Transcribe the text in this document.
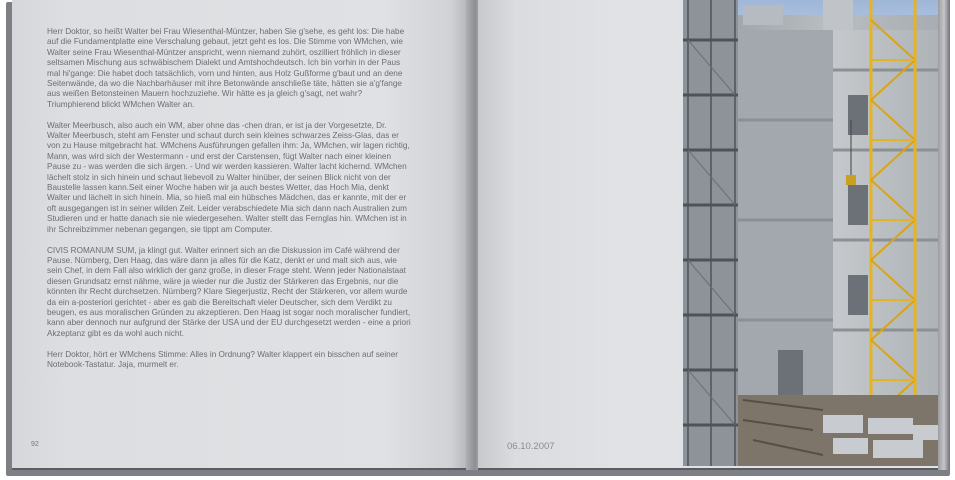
Herr Doktor, so heißt Walter bei Frau Wiesenthal-Müntzer, haben Sie g'sehe, es geht los: Die habe auf die Fundamentplatte eine Verschalung gebaut, jetzt geht es los. Die Stimme von WMchen, wie Walter seine Frau Wiesenthal-Müntzer anspricht, wenn niemand zuhört, oszilliert fröhlich in dieser seltsamen Mischung aus schwäbischem Dialekt und Amtshochdeutsch. Ich bin vorhin in der Paus mal hi'gange: Die habet doch tatsächlich, vorn und hinten, aus Holz Gußforme g'baut und an dene Seitenwände, da wo die Nachbarhäuser mit ihre Betonwände anschließe täte, hätten sie a'g'fange aus weißen Betonsteinen Mauern hochzuziehe. Wir hätte es ja gleich g'sagt, net wahr? Triumphierend blickt WMchen Walter an.

Walter Meerbusch, also auch ein WM, aber ohne das -chen dran, er ist ja der Vorgesetzte, Dr. Walter Meerbusch, steht am Fenster und schaut durch sein kleines schwarzes Zeiss-Glas, das er von zu Hause mitgebracht hat. WMchens Ausführungen gefallen ihm: Ja, WMchen, wir lagen richtig, Mann, was wird sich der Westermann - und erst der Carstensen, fügt Walter nach einer kleinen Pause zu - was werden die sich ärgen. - Und wir werden kassieren. Walter lacht kichernd. WMchen lächelt stolz in sich hinein und schaut liebevoll zu Walter hinüber, der seinen Blick nicht von der Baustelle lassen kann.Seit einer Woche haben wir ja auch bestes Wetter, das Hoch Mia, denkt Walter und lächelt in sich hinein. Mia, so hieß mal ein hübsches Mädchen, das er kannte, mit der er oft ausgegangen ist in seiner wilden Zeit. Leider verabschiedete Mia sich dann nach Australien zum Studieren und er hatte danach sie nie wiedergesehen. Walter stellt das Fernglas hin. WMchen ist in ihr Schreibzimmer nebenan gegangen, sie tippt am Computer.

CIVIS ROMANUM SUM, ja klingt gut. Walter erinnert sich an die Diskussion im Café während der Pause. Nürnberg, Den Haag, das wäre dann ja alles für die Katz, denkt er und malt sich aus, wie sein Chef, in dem Fall also wirklich der ganz große, in dieser Frage steht. Wenn jeder Nationalstaat diesen Grundsatz ernst nähme, wäre ja wieder nur die Justiz der Stärkeren das Ergebnis, nur die könnten ihr Recht durchsetzen. Nürnberg? Klare Siegerjustiz, Recht der Stärkeren, vor allem wurde da ein a-posteriori gerichtet - aber es gab die Bereitschaft vieler Deutscher, sich dem Verdikt zu beugen, es aus moralischen Gründen zu akzeptieren. Den Haag ist sogar noch moralischer fundiert, kann aber dennoch nur aufgrund der Stärke der USA und der EU durchgesetzt werden - eine a priori Akzeptanz gibt es da wohl auch nicht.

Herr Doktor, hört er WMchens Stimme: Alles in Ordnung? Walter klappert ein bisschen auf seiner Notebook-Tastatur. Jaja, murmelt er.

92	06.10.2007
